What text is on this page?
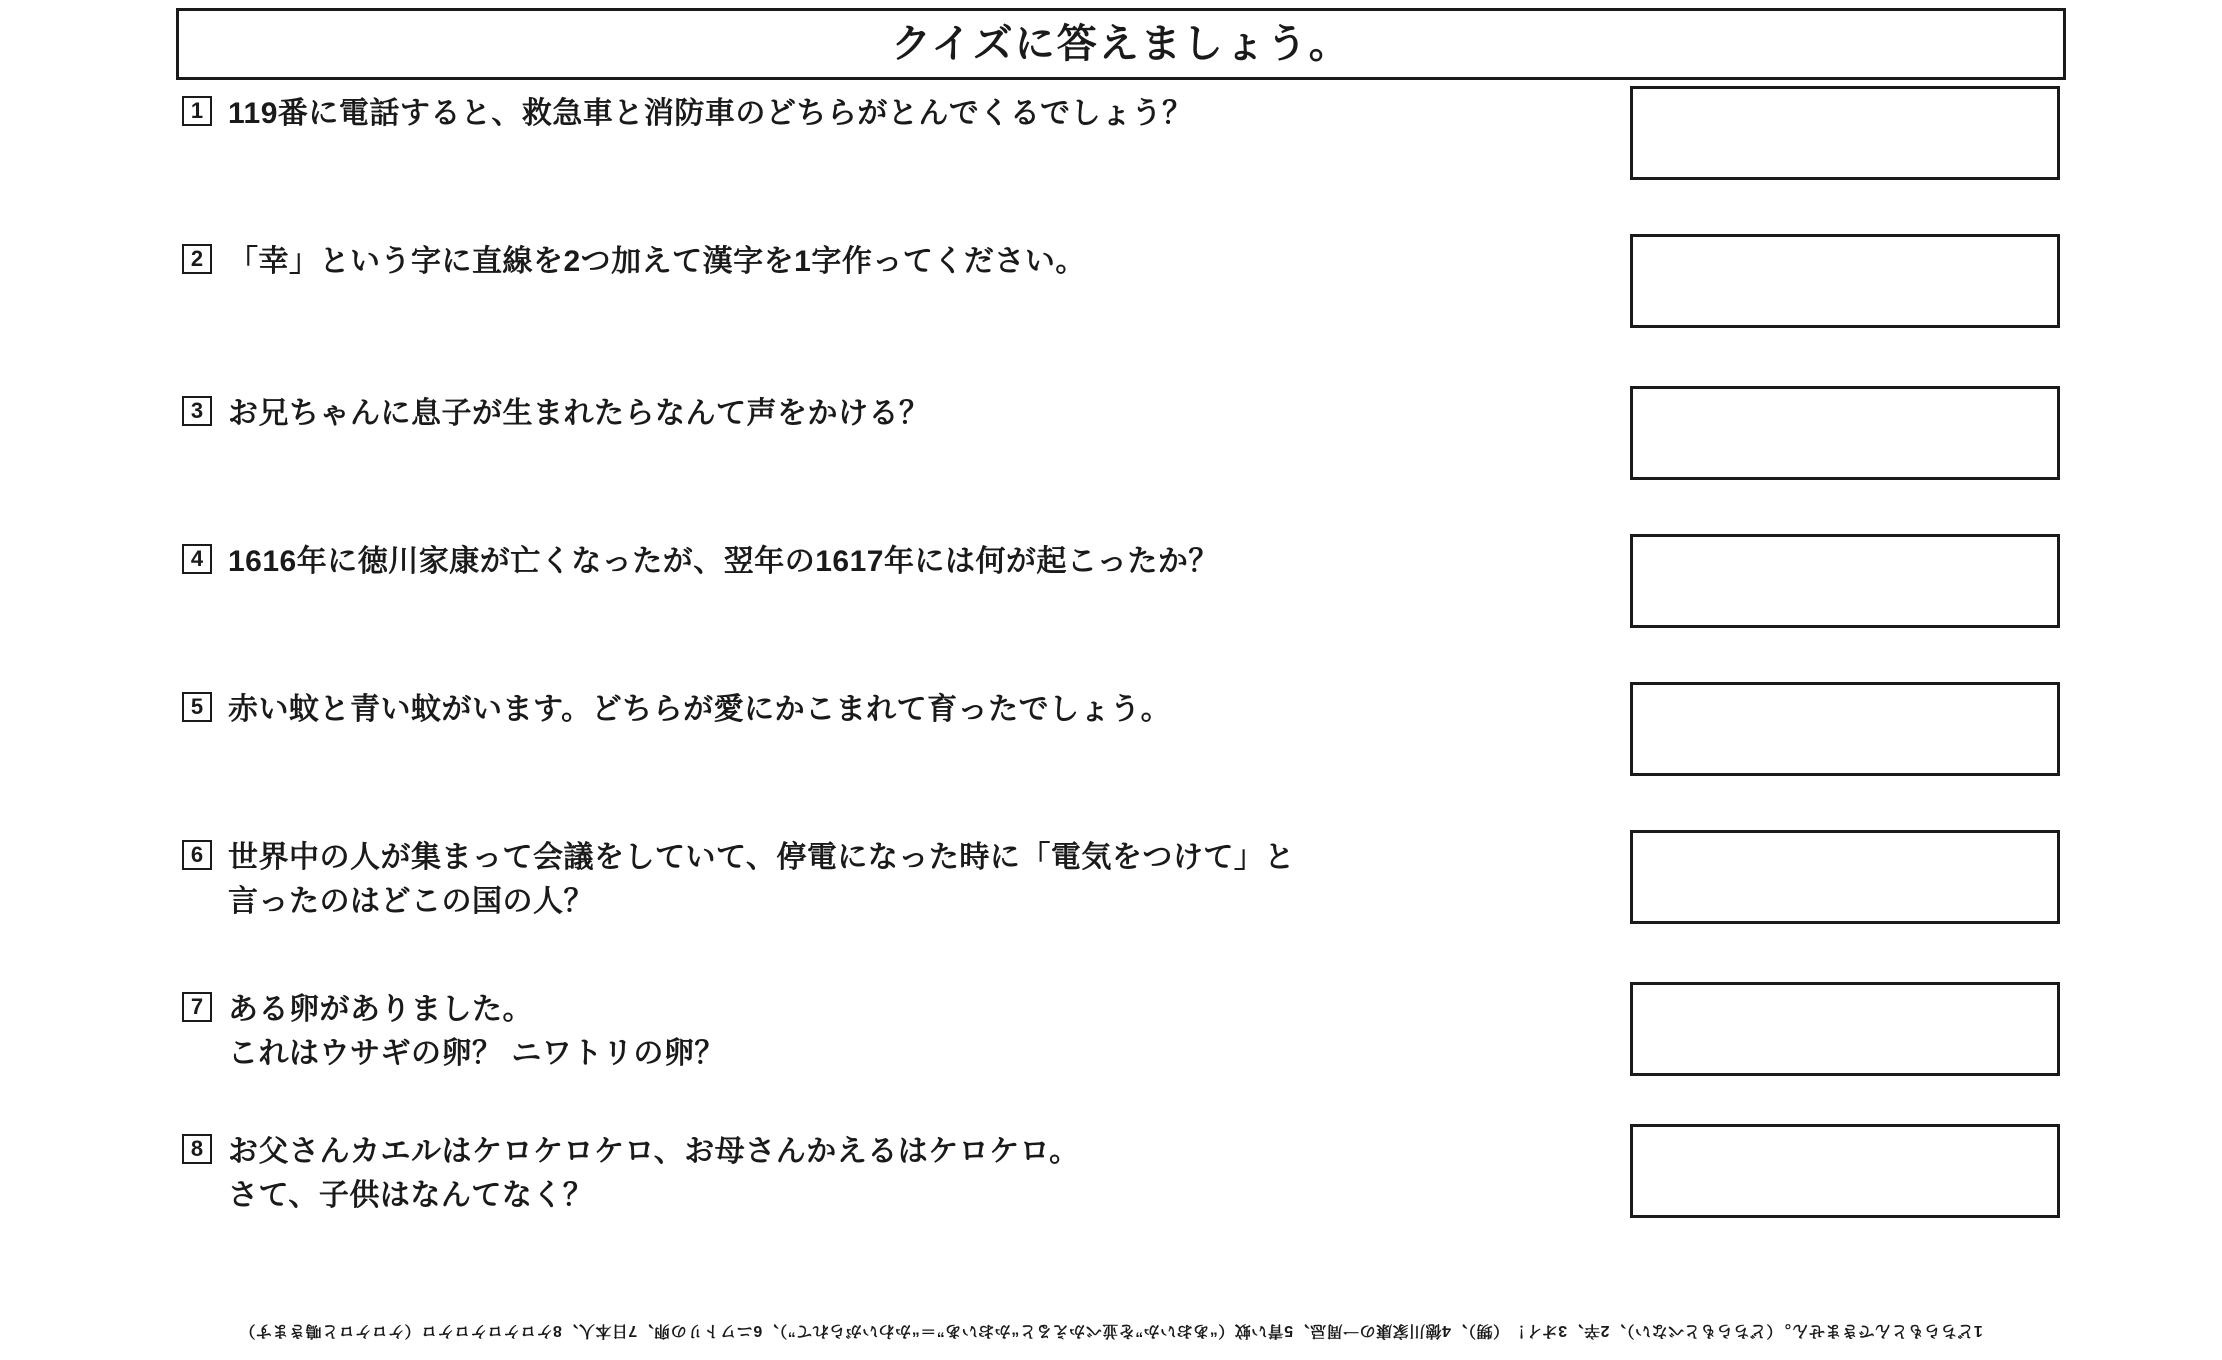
クイズに答えましょう。
1 119番に電話すると、救急車と消防車のどちらがとんでくるでしょう？
2 「幸」という字に直線を2つ加えて漢字を1字作ってください。
3 お兄ちゃんに息子が生まれたらなんて声をかける？
4 1616年に徳川家康が亡くなったが、翌年の1617年には何が起こったか？
5 赤い蚊と青い蚊がいます。どちらが愛にかこまれて育ったでしょう。
6 世界中の人が集まって会議をしていて、停電になった時に「電気をつけて」と
言ったのはどこの国の人？
7 ある卵がありました。
これはウサギの卵？ ニワトリの卵？
8 お父さんカエルはケロケロケロ、お母さんかえるはケロケロ。
さて、子供はなんてなく？
1どちらもとんできません。（どちらもとべない）、2辛、3オイ！（甥）、4徳川家康の一周忌、5青い蚊（“あおいか”を並べかえると“かおいあ”＝“かわいがられて”）、6ニワトリの卵、7日本人、8ケロケロケロケロ（ケロケロと鳴きます）
